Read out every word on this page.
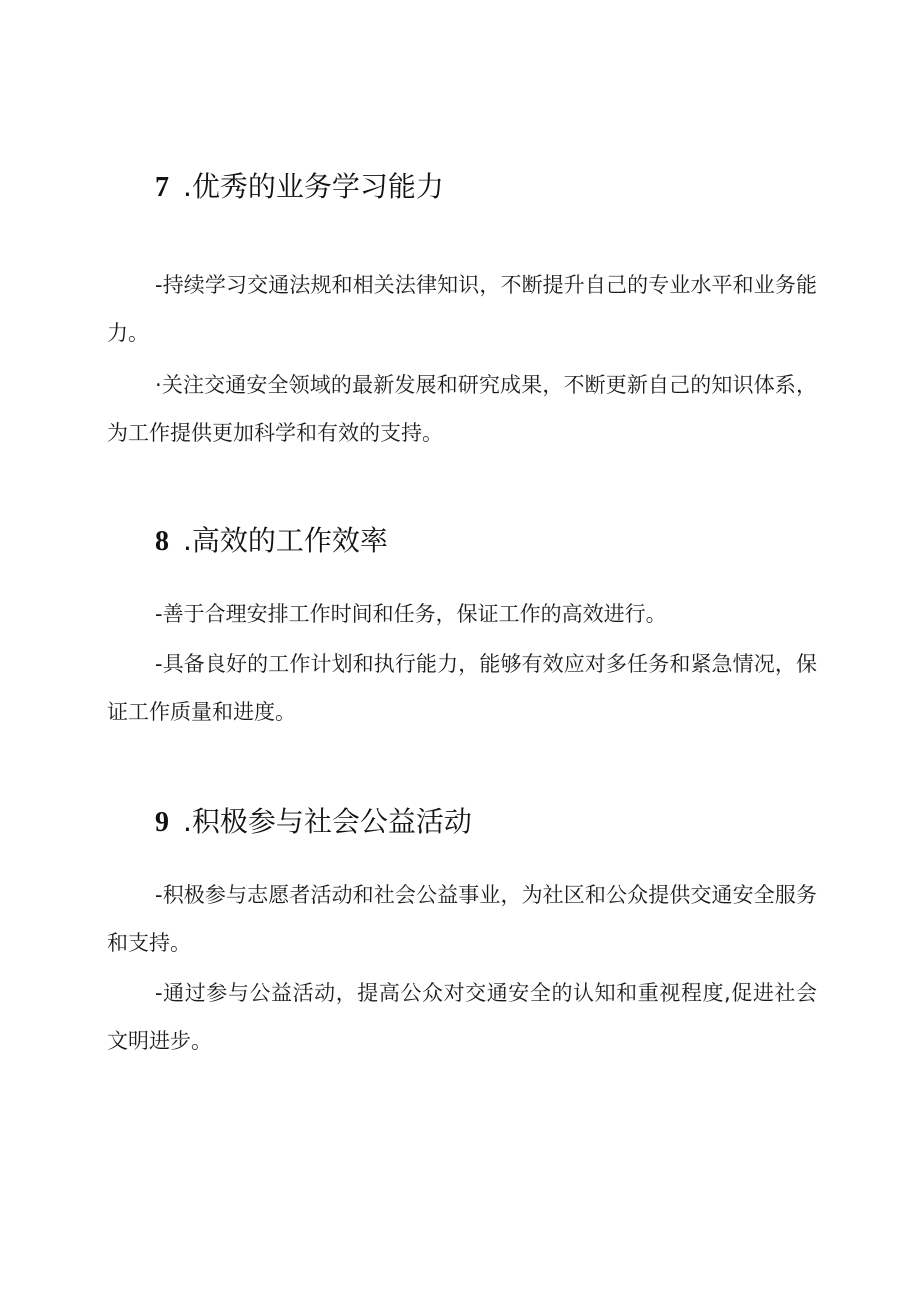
7 .优秀的业务学习能力

-持续学习交通法规和相关法律知识，不断提升自己的专业水平和业务能力。

·关注交通安全领域的最新发展和研究成果，不断更新自己的知识体系，为工作提供更加科学和有效的支持。

8 .高效的工作效率

-善于合理安排工作时间和任务，保证工作的高效进行。

-具备良好的工作计划和执行能力，能够有效应对多任务和紧急情况，保证工作质量和进度。

9 .积极参与社会公益活动

-积极参与志愿者活动和社会公益事业，为社区和公众提供交通安全服务和支持。

-通过参与公益活动，提高公众对交通安全的认知和重视程度,促进社会文明进步。
